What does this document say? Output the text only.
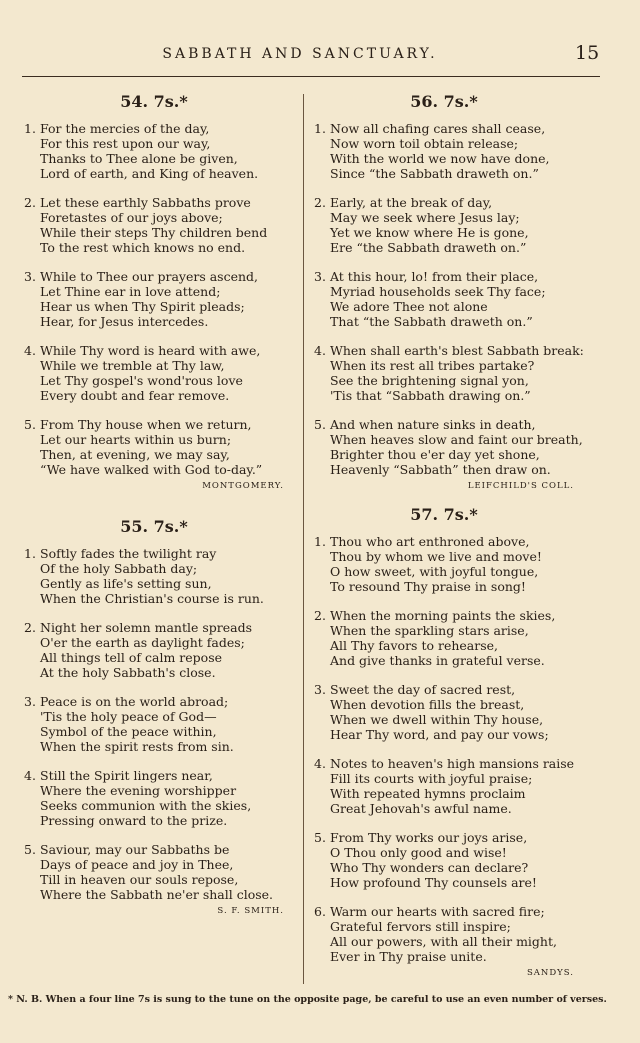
SABBATH AND SANCTUARY.	15
54. 7s.*
1. For the mercies of the day,
For this rest upon our way,
Thanks to Thee alone be given,
Lord of earth, and King of heaven.
2. Let these earthly Sabbaths prove
Foretastes of our joys above;
While their steps Thy children bend
To the rest which knows no end.
3. While to Thee our prayers ascend,
Let Thine ear in love attend;
Hear us when Thy Spirit pleads;
Hear, for Jesus intercedes.
4. While Thy word is heard with awe,
While we tremble at Thy law,
Let Thy gospel's wond'rous love
Every doubt and fear remove.
5. From Thy house when we return,
Let our hearts within us burn;
Then, at evening, we may say,
“We have walked with God to-day.”
MONTGOMERY.
55. 7s.*
1. Softly fades the twilight ray
Of the holy Sabbath day;
Gently as life's setting sun,
When the Christian's course is run.
2. Night her solemn mantle spreads
O'er the earth as daylight fades;
All things tell of calm repose
At the holy Sabbath's close.
3. Peace is on the world abroad;
'Tis the holy peace of God—
Symbol of the peace within,
When the spirit rests from sin.
4. Still the Spirit lingers near,
Where the evening worshipper
Seeks communion with the skies,
Pressing onward to the prize.
5. Saviour, may our Sabbaths be
Days of peace and joy in Thee,
Till in heaven our souls repose,
Where the Sabbath ne'er shall close.
S. F. SMITH.
56. 7s.*
1. Now all chafing cares shall cease,
Now worn toil obtain release;
With the world we now have done,
Since “the Sabbath draweth on.”
2. Early, at the break of day,
May we seek where Jesus lay;
Yet we know where He is gone,
Ere “the Sabbath draweth on.”
3. At this hour, lo! from their place,
Myriad households seek Thy face;
We adore Thee not alone
That “the Sabbath draweth on.”
4. When shall earth's blest Sabbath break:
When its rest all tribes partake?
See the brightening signal yon,
'Tis that “Sabbath drawing on.”
5. And when nature sinks in death,
When heaves slow and faint our breath,
Brighter thou e'er day yet shone,
Heavenly “Sabbath” then draw on.
LEIFCHILD'S COLL.
57. 7s.*
1. Thou who art enthroned above,
Thou by whom we live and move!
O how sweet, with joyful tongue,
To resound Thy praise in song!
2. When the morning paints the skies,
When the sparkling stars arise,
All Thy favors to rehearse,
And give thanks in grateful verse.
3. Sweet the day of sacred rest,
When devotion fills the breast,
When we dwell within Thy house,
Hear Thy word, and pay our vows;
4. Notes to heaven's high mansions raise
Fill its courts with joyful praise;
With repeated hymns proclaim
Great Jehovah's awful name.
5. From Thy works our joys arise,
O Thou only good and wise!
Who Thy wonders can declare?
How profound Thy counsels are!
6. Warm our hearts with sacred fire;
Grateful fervors still inspire;
All our powers, with all their might,
Ever in Thy praise unite.
SANDYS.
* N. B. When a four line 7s is sung to the tune on the opposite page, be careful to use an even number of verses.
